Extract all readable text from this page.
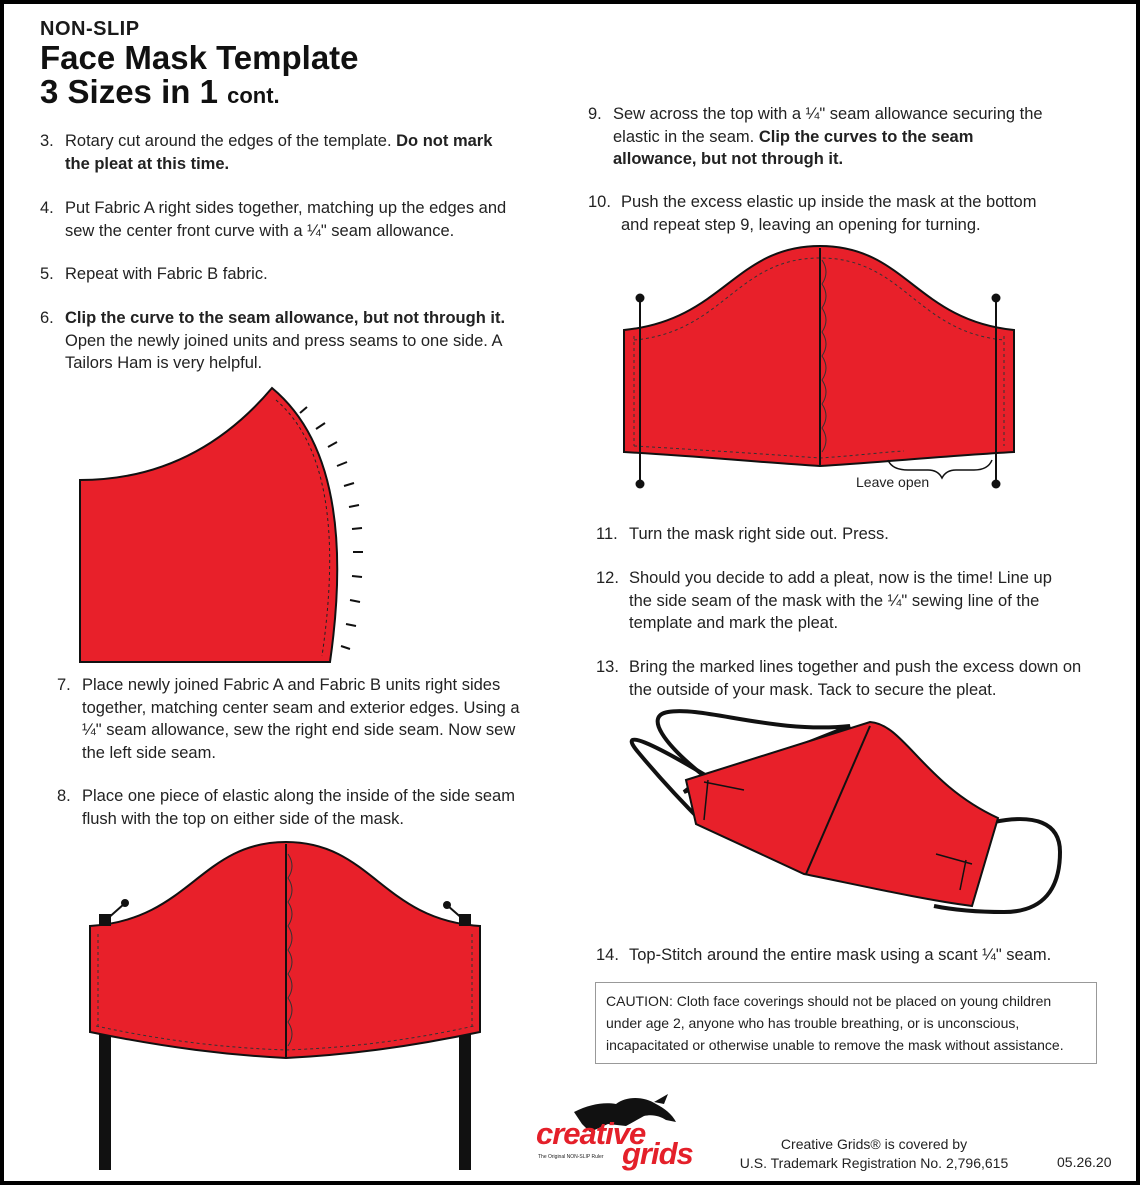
NON-SLIP
Face Mask Template
3 Sizes in 1 cont.
3. Rotary cut around the edges of the template. Do not mark the pleat at this time.
4. Put Fabric A right sides together, matching up the edges and sew the center front curve with a ¼" seam allowance.
5. Repeat with Fabric B fabric.
6. Clip the curve to the seam allowance, but not through it.
Open the newly joined units and press seams to one side. A Tailors Ham is very helpful.
7. Place newly joined Fabric A and Fabric B units right sides together, matching center seam and exterior edges. Using a ¼" seam allowance, sew the right end side seam. Now sew the left side seam.
8. Place one piece of elastic along the inside of the side seam flush with the top on either side of the mask.
9. Sew across the top with a ¼" seam allowance securing the elastic in the seam. Clip the curves to the seam allowance, but not through it.
10. Push the excess elastic up inside the mask at the bottom and repeat step 9, leaving an opening for turning.
Leave open
11. Turn the mask right side out. Press.
12. Should you decide to add a pleat, now is the time! Line up the side seam of the mask with the ¼" sewing line of the template and mark the pleat.
13. Bring the marked lines together and push the excess down on the outside of your mask. Tack to secure the pleat.
14. Top-Stitch around the entire mask using a scant ¼" seam.
CAUTION: Cloth face coverings should not be placed on young children under age 2, anyone who has trouble breathing, or is unconscious, incapacitated or otherwise unable to remove the mask without assistance.
creative
The Original NON-SLIP Ruler grids	Creative Grids® is covered by
U.S. Trademark Registration No. 2,796,615	05.26.20
